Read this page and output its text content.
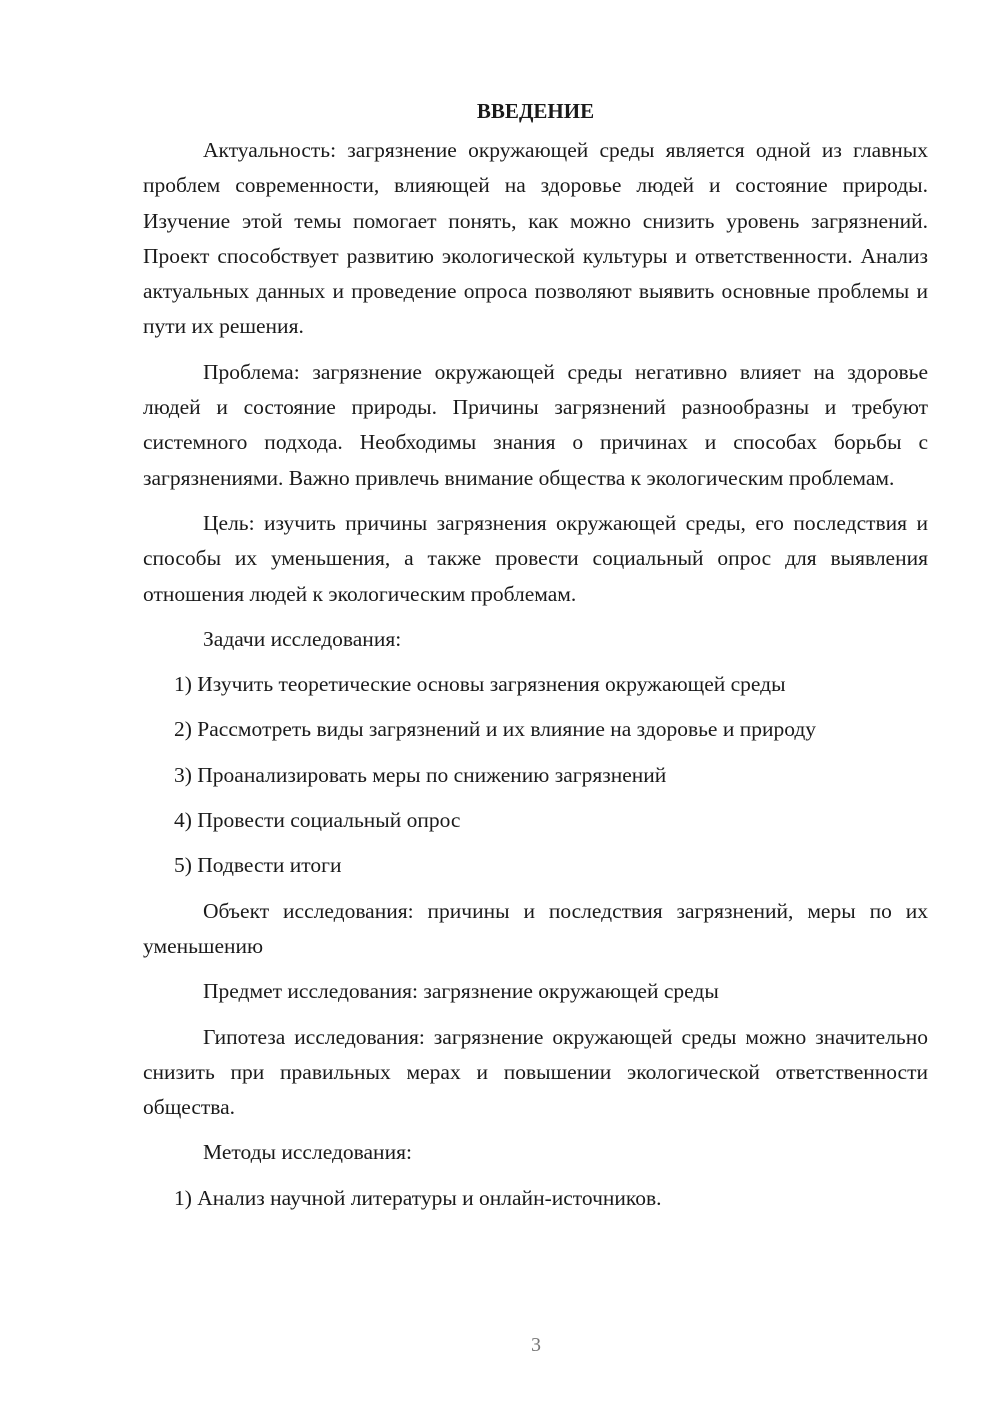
ВВЕДЕНИЕ

Актуальность: загрязнение окружающей среды является одной из главных проблем современности, влияющей на здоровье людей и состояние природы. Изучение этой темы помогает понять, как можно снизить уровень загрязнений. Проект способствует развитию экологической культуры и ответственности. Анализ актуальных данных и проведение опроса позволяют выявить основные проблемы и пути их решения.

Проблема: загрязнение окружающей среды негативно влияет на здоровье людей и состояние природы. Причины загрязнений разнообразны и требуют системного подхода. Необходимы знания о причинах и способах борьбы с загрязнениями. Важно привлечь внимание общества к экологическим проблемам.

Цель: изучить причины загрязнения окружающей среды, его последствия и способы их уменьшения, а также провести социальный опрос для выявления отношения людей к экологическим проблемам.

Задачи исследования:

1) Изучить теоретические основы загрязнения окружающей среды

2) Рассмотреть виды загрязнений и их влияние на здоровье и природу

3) Проанализировать меры по снижению загрязнений

4) Провести социальный опрос

5) Подвести итоги

Объект исследования: причины и последствия загрязнений, меры по их уменьшению

Предмет исследования: загрязнение окружающей среды

Гипотеза исследования: загрязнение окружающей среды можно значительно снизить при правильных мерах и повышении экологической ответственности общества.

Методы исследования:

1) Анализ научной литературы и онлайн-источников.

3
